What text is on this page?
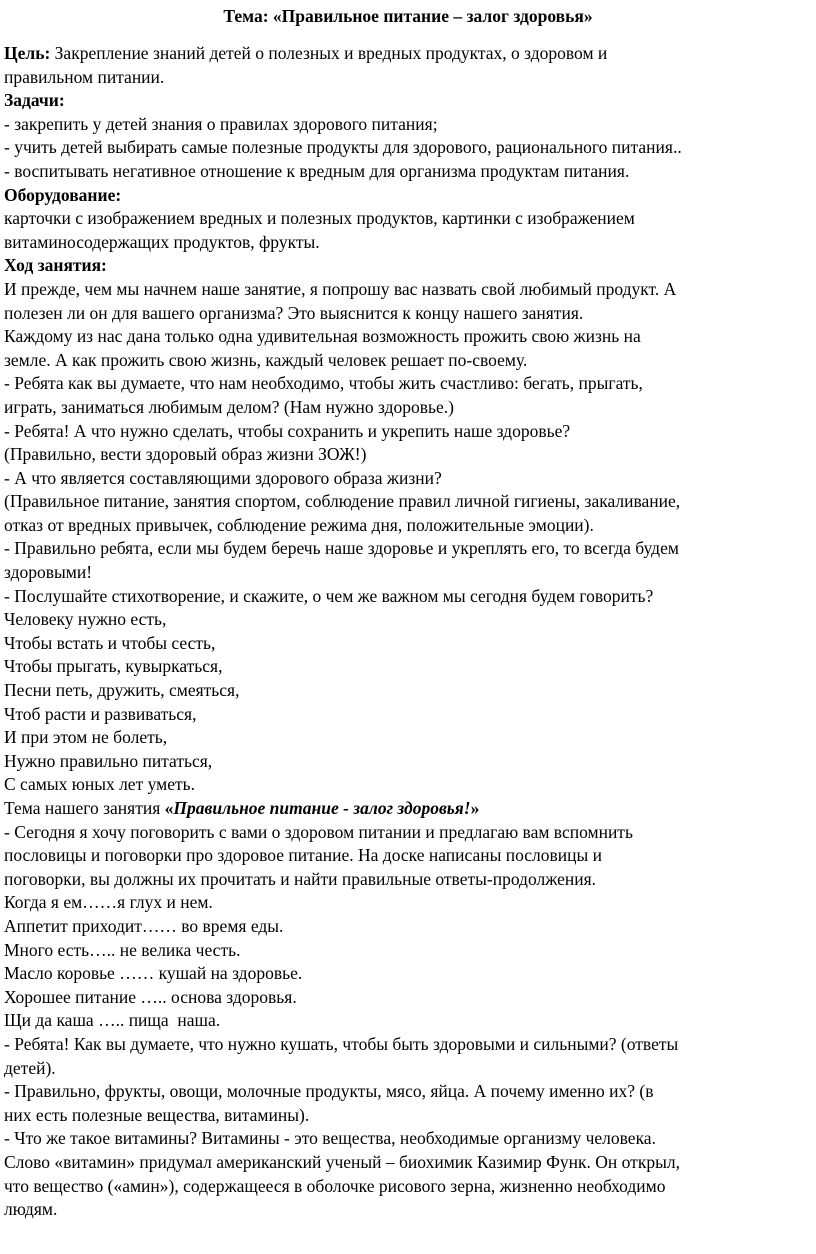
Тема: «Правильное питание – залог здоровья»
Цель: Закрепление знаний детей о полезных и вредных продуктах, о здоровом и
правильном питании.
Задачи:
- закрепить у детей знания о правилах здорового питания;
- учить детей выбирать самые полезные продукты для здорового, рационального питания..
- воспитывать негативное отношение к вредным для организма продуктам питания.
Оборудование:
карточки с изображением вредных и полезных продуктов, картинки с изображением
витаминосодержащих продуктов, фрукты.
Ход занятия:
И прежде, чем мы начнем наше занятие, я попрошу вас назвать свой любимый продукт. А
полезен ли он для вашего организма? Это выяснится к концу нашего занятия.
Каждому из нас дана только одна удивительная возможность прожить свою жизнь на
земле. А как прожить свою жизнь, каждый человек решает по-своему.
- Ребята как вы думаете, что нам необходимо, чтобы жить счастливо: бегать, прыгать,
играть, заниматься любимым делом? (Нам нужно здоровье.)
- Ребята! А что нужно сделать, чтобы сохранить и укрепить наше здоровье?
(Правильно, вести здоровый образ жизни ЗОЖ!)
- А что является составляющими здорового образа жизни?
(Правильное питание, занятия спортом, соблюдение правил личной гигиены, закаливание,
отказ от вредных привычек, соблюдение режима дня, положительные эмоции).
- Правильно ребята, если мы будем беречь наше здоровье и укреплять его, то всегда будем
здоровыми!
- Послушайте стихотворение, и скажите, о чем же важном мы сегодня будем говорить?
Человеку нужно есть,
Чтобы встать и чтобы сесть,
Чтобы прыгать, кувыркаться,
Песни петь, дружить, смеяться,
Чтоб расти и развиваться,
И при этом не болеть,
Нужно правильно питаться,
С самых юных лет уметь.
Тема нашего занятия «Правильное питание - залог здоровья!»
- Сегодня я хочу поговорить с вами о здоровом питании и предлагаю вам вспомнить
пословицы и поговорки про здоровое питание. На доске написаны пословицы и
поговорки, вы должны их прочитать и найти правильные ответы-продолжения.
Когда я ем……я глух и нем.
Аппетит приходит…… во время еды.
Много есть….. не велика честь.
Масло коровье …… кушай на здоровье.
Хорошее питание ….. основа здоровья.
Щи да каша ….. пища  наша.
- Ребята! Как вы думаете, что нужно кушать, чтобы быть здоровыми и сильными? (ответы
детей).
- Правильно, фрукты, овощи, молочные продукты, мясо, яйца. А почему именно их? (в
них есть полезные вещества, витамины).
- Что же такое витамины? Витамины - это вещества, необходимые организму человека.
Слово «витамин» придумал американский ученый – биохимик Казимир Функ. Он открыл,
что вещество («амин»), содержащееся в оболочке рисового зерна, жизненно необходимо
людям.
